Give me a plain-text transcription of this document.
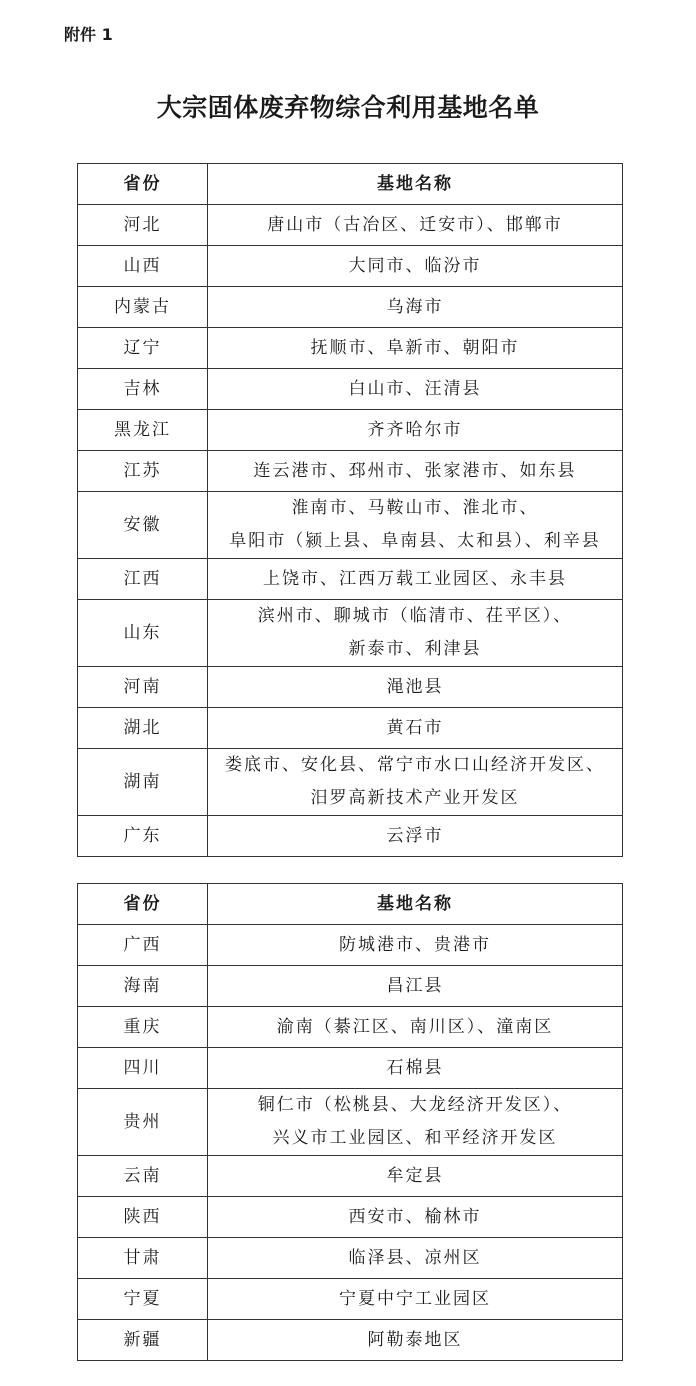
附件 1
大宗固体废弃物综合利用基地名单
省份	基地名称
河北	唐山市（古冶区、迁安市）、邯郸市

山西	大同市、临汾市

内蒙古	乌海市

辽宁	抚顺市、阜新市、朝阳市

吉林	白山市、汪清县

黑龙江	齐齐哈尔市

江苏	连云港市、邳州市、张家港市、如东县

安徽	淮南市、马鞍山市、淮北市、
阜阳市（颍上县、阜南县、太和县）、利辛县

江西	上饶市、江西万载工业园区、永丰县

山东	滨州市、聊城市（临清市、茌平区）、
新泰市、利津县

河南	渑池县

湖北	黄石市

湖南	娄底市、安化县、常宁市水口山经济开发区、
汨罗高新技术产业开发区

广东	云浮市
省份	基地名称
广西	防城港市、贵港市

海南	昌江县

重庆	渝南（綦江区、南川区）、潼南区

四川	石棉县

贵州	铜仁市（松桃县、大龙经济开发区）、
兴义市工业园区、和平经济开发区

云南	牟定县

陕西	西安市、榆林市

甘肃	临泽县、凉州区

宁夏	宁夏中宁工业园区

新疆	阿勒泰地区
